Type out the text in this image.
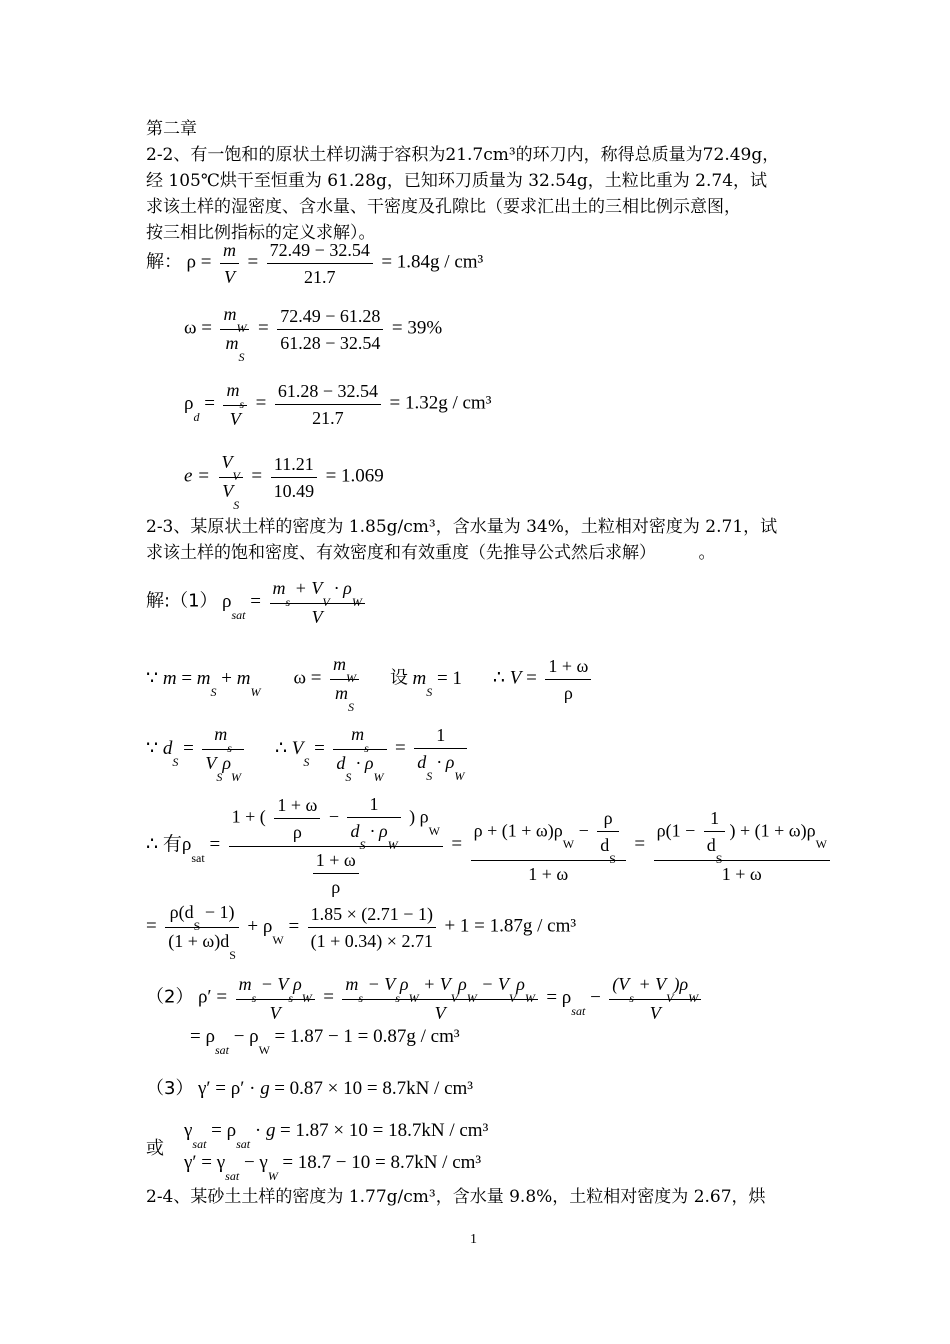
第二章
2-2、有一饱和的原状土样切满于容积为21.7cm³的环刀内，称得总质量为72.49g，
经 105℃烘干至恒重为 61.28g，已知环刀质量为 32.54g，土粒比重为 2.74，试
求该土样的湿密度、含水量、干密度及孔隙比（要求汇出土的三相比例示意图，
按三相比例指标的定义求解）。
解： $\rho = \frac{m}{V} = \frac{72.49 - 32.54}{21.7} = 1.84g / cm^3$
$\omega = \frac{m_W}{m_S} = \frac{72.49 - 61.28}{61.28 - 32.54} = 39\%$
$\rho_d = \frac{m_s}{V} = \frac{61.28 - 32.54}{21.7} = 1.32g / cm^3$
$e = \frac{V_V}{V_S} = \frac{11.21}{10.49} = 1.069$
2-3、某原状土样的密度为 1.85g/cm³，含水量为 34%，土粒相对密度为 2.71，试
求该土样的饱和密度、有效密度和有效重度（先推导公式然后求解）　　　。
解:（1） $\rho_{sat} = \frac{m_s + V_V \cdot \rho_W}{V}$
∵ $m = m_S + m_W$  $\omega = \frac{m_W}{m_S}$ 设 $m_S = 1$ ∴ $V = \frac{1 + \omega}{\rho}$
∵ $d_S = \frac{m_s}{V_S\rho_W}$ ∴ $V_S = \frac{m_s}{d_S \cdot \rho_W} = \frac{1}{d_S \cdot \rho_W}$
∴ 有$\rho_{sat} = \frac{1 + ( \frac{1 + \omega}{\rho} - \frac{1}{d_S \cdot \rho_W} ) \rho_W}{\frac{1 + \omega}{\rho}} = \frac{\rho + (1 + \omega)\rho_W - \frac{\rho}{d_S}}{1 + \omega} = \frac{\rho(1 - \frac{1}{d_S} ) + (1 + \omega)\rho_W}{1 + \omega}$
= $\frac{\rho(d_S - 1)}{(1 + \omega)d_S} + \rho_W = \frac{1.85 \times (2.71 - 1)}{(1 + 0.34) \times 2.71} + 1 = 1.87g / cm^3$
（2） $\rho' = \frac{m_s - V_s\rho_W}{V} = \frac{m_s - V_s\rho_W + V_V\rho_W - V_V\rho_W}{V} = \rho_{sat} - \frac{(V_s + V_V)\rho_W}{V}$
= $\rho_{sat} - \rho_W = 1.87 - 1 = 0.87g / cm^3$
（3） γ′ = ρ′ · g = 0.87 × 10 = 8.7kN / cm³
或
$\gamma_{sat} = \rho_{sat} \cdot g = 1.87 \times 10 = 18.7kN / cm^3$
$\gamma' = \gamma_{sat} - \gamma_W = 18.7 - 10 = 8.7kN / cm^3$
2-4、某砂土土样的密度为 1.77g/cm³，含水量 9.8%，土粒相对密度为 2.67，烘
1
